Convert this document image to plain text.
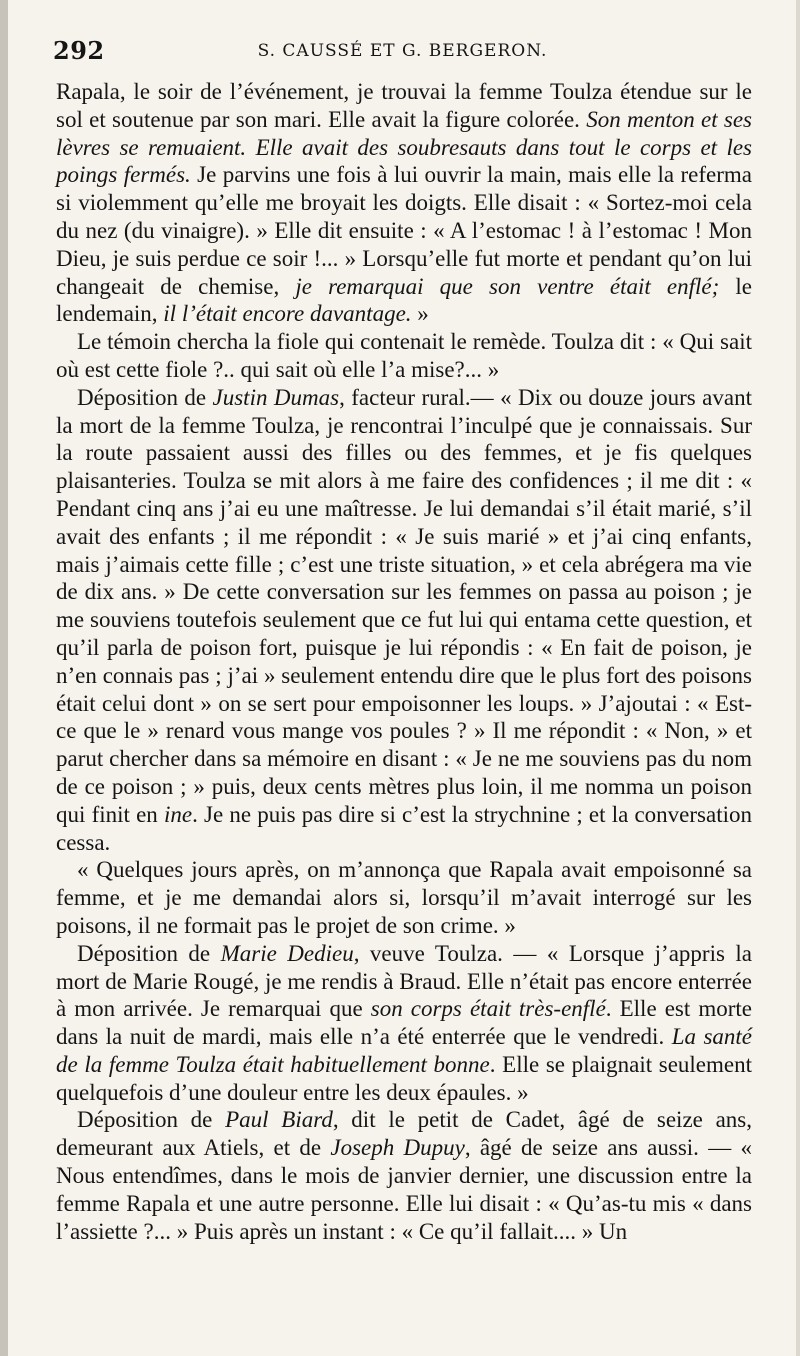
292	S. CAUSSÉ ET G. BERGERON.

Rapala, le soir de l’événement, je trouvai la femme Toulza étendue sur le sol et soutenue par son mari. Elle avait la figure colorée. Son menton et ses lèvres se remuaient. Elle avait des soubresauts dans tout le corps et les poings fermés. Je parvins une fois à lui ouvrir la main, mais elle la referma si violemment qu’elle me broyait les doigts. Elle disait : « Sortez-moi cela du nez (du vinaigre). » Elle dit ensuite : « A l’estomac ! à l’estomac ! Mon Dieu, je suis perdue ce soir !... » Lorsqu’elle fut morte et pendant qu’on lui changeait de chemise, je remarquai que son ventre était enflé; le lendemain, il l’était encore davantage. »

Le témoin chercha la fiole qui contenait le remède. Toulza dit : « Qui sait où est cette fiole ?.. qui sait où elle l’a mise?... »

Déposition de Justin Dumas, facteur rural.— « Dix ou douze jours avant la mort de la femme Toulza, je rencontrai l’inculpé que je connaissais. Sur la route passaient aussi des filles ou des femmes, et je fis quelques plaisanteries. Toulza se mit alors à me faire des confidences ; il me dit : « Pendant cinq ans j’ai eu une maîtresse. Je lui demandai s’il était marié, s’il avait des enfants ; il me répondit : « Je suis marié » et j’ai cinq enfants, mais j’aimais cette fille ; c’est une triste situation, » et cela abrégera ma vie de dix ans. » De cette conversation sur les femmes on passa au poison ; je me souviens toutefois seulement que ce fut lui qui entama cette question, et qu’il parla de poison fort, puisque je lui répondis : « En fait de poison, je n’en connais pas ; j’ai » seulement entendu dire que le plus fort des poisons était celui dont » on se sert pour empoisonner les loups. » J’ajoutai : « Est-ce que le » renard vous mange vos poules ? » Il me répondit : « Non, » et parut chercher dans sa mémoire en disant : « Je ne me souviens pas du nom de ce poison ; » puis, deux cents mètres plus loin, il me nomma un poison qui finit en ine. Je ne puis pas dire si c’est la strychnine ; et la conversation cessa.

« Quelques jours après, on m’annonça que Rapala avait empoisonné sa femme, et je me demandai alors si, lorsqu’il m’avait interrogé sur les poisons, il ne formait pas le projet de son crime. »

Déposition de Marie Dedieu, veuve Toulza. — « Lorsque j’appris la mort de Marie Rougé, je me rendis à Braud. Elle n’était pas encore enterrée à mon arrivée. Je remarquai que son corps était très-enflé. Elle est morte dans la nuit de mardi, mais elle n’a été enterrée que le vendredi. La santé de la femme Toulza était habituellement bonne. Elle se plaignait seulement quelquefois d’une douleur entre les deux épaules. »

Déposition de Paul Biard, dit le petit de Cadet, âgé de seize ans, demeurant aux Atiels, et de Joseph Dupuy, âgé de seize ans aussi. — « Nous entendîmes, dans le mois de janvier dernier, une discussion entre la femme Rapala et une autre personne. Elle lui disait : « Qu’as-tu mis « dans l’assiette ?... » Puis après un instant : « Ce qu’il fallait.... » Un
